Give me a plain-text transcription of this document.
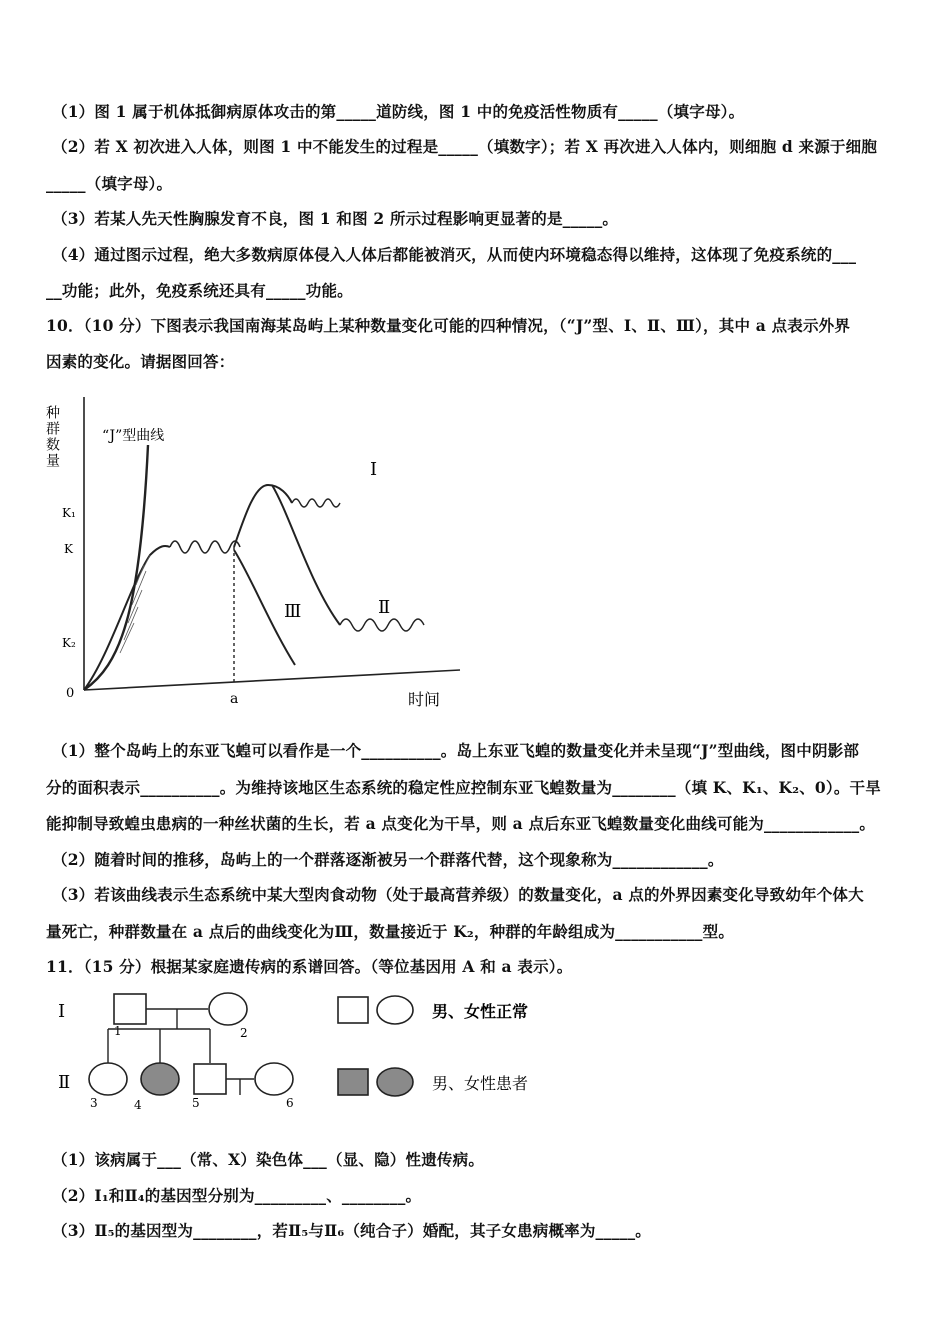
（1）图 1 属于机体抵御病原体攻击的第_____道防线，图 1 中的免疫活性物质有_____（填字母）。
（2）若 X 初次进入人体，则图 1 中不能发生的过程是_____（填数字）；若 X 再次进入人体内，则细胞 d 来源于细胞
_____（填字母）。
（3）若某人先天性胸腺发育不良，图 1 和图 2 所示过程影响更显著的是_____。
（4）通过图示过程，绝大多数病原体侵入人体后都能被消灭，从而使内环境稳态得以维持，这体现了免疫系统的___
__功能；此外，免疫系统还具有_____功能。
10．（10 分）下图表示我国南海某岛屿上某种数量变化可能的四种情况，（“J”型、Ⅰ、Ⅱ、Ⅲ），其中 a 点表示外界
因素的变化。请据图回答：
种群数量
K₁
K
K₂
0
“J”型曲线
a
Ⅰ
Ⅱ
Ⅲ
时间
（1）整个岛屿上的东亚飞蝗可以看作是一个__________。岛上东亚飞蝗的数量变化并未呈现“J”型曲线，图中阴影部
分的面积表示__________。为维持该地区生态系统的稳定性应控制东亚飞蝗数量为________（填 K、K₁、K₂、0）。干旱
能抑制导致蝗虫患病的一种丝状菌的生长，若 a 点变化为干旱，则 a 点后东亚飞蝗数量变化曲线可能为____________。
（2）随着时间的推移，岛屿上的一个群落逐渐被另一个群落代替，这个现象称为____________。
（3）若该曲线表示生态系统中某大型肉食动物（处于最高营养级）的数量变化，a 点的外界因素变化导致幼年个体大
量死亡，种群数量在 a 点后的曲线变化为Ⅲ，数量接近于 K₂，种群的年龄组成为___________型。
11．（15 分）根据某家庭遗传病的系谱回答。（等位基因用 A 和 a 表示）。
Ⅰ
Ⅱ
1	2
3	4	5	6
男、女性正常
男、女性患者
（1）该病属于___（常、X）染色体___（显、隐）性遗传病。
（2）Ⅰ₁和Ⅱ₄的基因型分别为_________、________。
（3）Ⅱ₅的基因型为________，若Ⅱ₅与Ⅱ₆（纯合子）婚配，其子女患病概率为_____。
